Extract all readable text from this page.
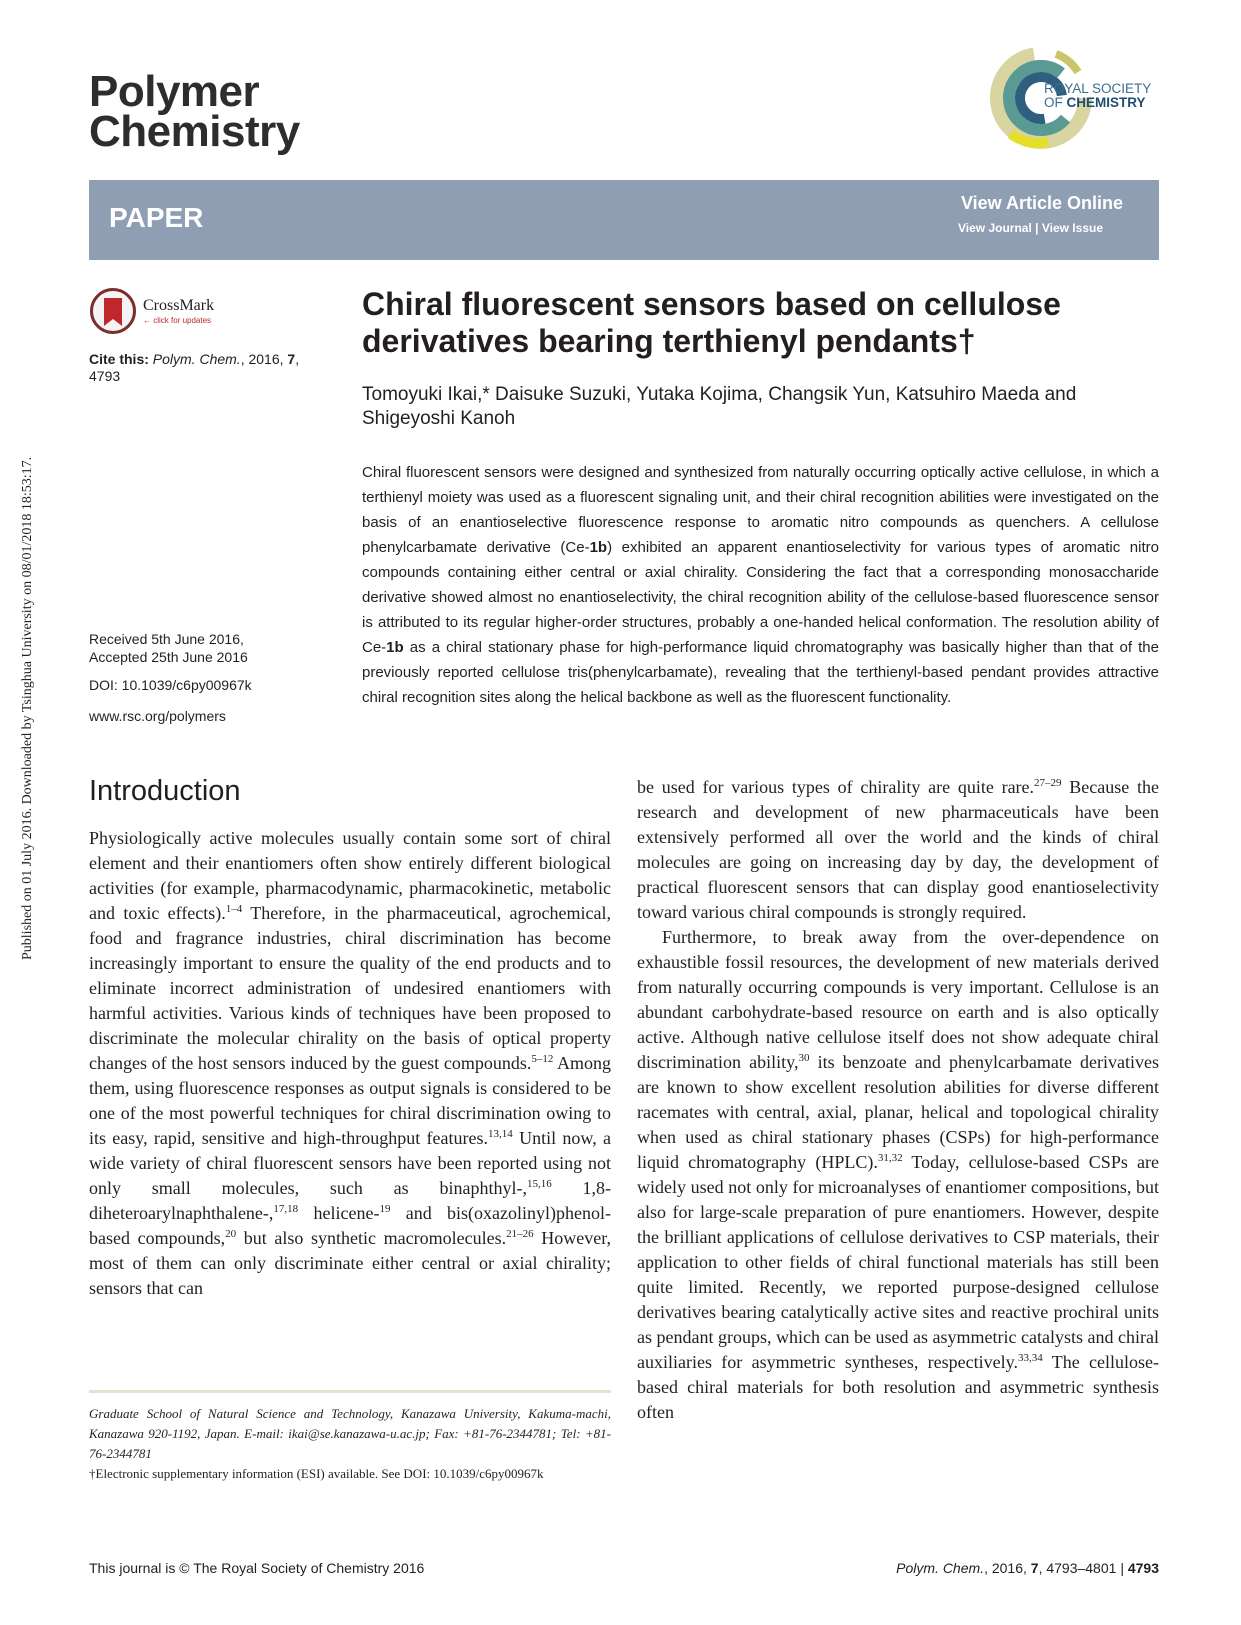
Published on 01 July 2016. Downloaded by Tsinghua University on 08/01/2018 18:53:17.
Polymer
Chemistry
ROYAL SOCIETY
OF CHEMISTRY
PAPER	View Article Online
View Journal | View Issue
CrossMark
← click for updates
Cite this: Polym. Chem., 2016, 7,
4793
Received 5th June 2016,
Accepted 25th June 2016
DOI: 10.1039/c6py00967k
www.rsc.org/polymers
Chiral fluorescent sensors based on cellulose derivatives bearing terthienyl pendants†
Tomoyuki Ikai,* Daisuke Suzuki, Yutaka Kojima, Changsik Yun, Katsuhiro Maeda and
Shigeyoshi Kanoh
Chiral fluorescent sensors were designed and synthesized from naturally occurring optically active cellulose, in which a terthienyl moiety was used as a fluorescent signaling unit, and their chiral recognition abilities were investigated on the basis of an enantioselective fluorescence response to aromatic nitro compounds as quenchers. A cellulose phenylcarbamate derivative (Ce-1b) exhibited an apparent enantioselectivity for various types of aromatic nitro compounds containing either central or axial chirality. Considering the fact that a corresponding monosaccharide derivative showed almost no enantioselectivity, the chiral recognition ability of the cellulose-based fluorescence sensor is attributed to its regular higher-order structures, probably a one-handed helical conformation. The resolution ability of Ce-1b as a chiral stationary phase for high-performance liquid chromatography was basically higher than that of the previously reported cellulose tris(phenylcarbamate), revealing that the terthienyl-based pendant provides attractive chiral recognition sites along the helical backbone as well as the fluorescent functionality.
Introduction

Physiologically active molecules usually contain some sort of chiral element and their enantiomers often show entirely different biological activities (for example, pharmacodynamic, pharmacokinetic, metabolic and toxic effects).$^{1-4}$ Therefore, in the pharmaceutical, agrochemical, food and fragrance industries, chiral discrimination has become increasingly important to ensure the quality of the end products and to eliminate incorrect administration of undesired enantiomers with harmful activities. Various kinds of techniques have been proposed to discriminate the molecular chirality on the basis of optical property changes of the host sensors induced by the guest compounds.$^{5-12}$ Among them, using fluorescence responses as output signals is considered to be one of the most powerful techniques for chiral discrimination owing to its easy, rapid, sensitive and high-throughput features.$^{13,14}$ Until now, a wide variety of chiral fluorescent sensors have been reported using not only small molecules, such as binaphthyl-,$^{15,16}$ 1,8-diheteroarylnaphthalene-,$^{17,18}$ helicene-$^{19}$ and bis(oxazolinyl)phenol-based compounds,$^{20}$ but also synthetic macromolecules.$^{21-26}$ However, most of them can only discriminate either central or axial chirality; sensors that can

Graduate School of Natural Science and Technology, Kanazawa University, Kakuma-machi, Kanazawa 920-1192, Japan. E-mail: ikai@se.kanazawa-u.ac.jp; Fax: +81-76-2344781; Tel: +81-76-2344781
†Electronic supplementary information (ESI) available. See DOI: 10.1039/c6py00967k

be used for various types of chirality are quite rare.$^{27-29}$ Because the research and development of new pharmaceuticals have been extensively performed all over the world and the kinds of chiral molecules are going on increasing day by day, the development of practical fluorescent sensors that can display good enantioselectivity toward various chiral compounds is strongly required.

Furthermore, to break away from the over-dependence on exhaustible fossil resources, the development of new materials derived from naturally occurring compounds is very important. Cellulose is an abundant carbohydrate-based resource on earth and is also optically active. Although native cellulose itself does not show adequate chiral discrimination ability,$^{30}$ its benzoate and phenylcarbamate derivatives are known to show excellent resolution abilities for diverse different racemates with central, axial, planar, helical and topological chirality when used as chiral stationary phases (CSPs) for high-performance liquid chromatography (HPLC).$^{31,32}$ Today, cellulose-based CSPs are widely used not only for microanalyses of enantiomer compositions, but also for large-scale preparation of pure enantiomers. However, despite the brilliant applications of cellulose derivatives to CSP materials, their application to other fields of chiral functional materials has still been quite limited. Recently, we reported purpose-designed cellulose derivatives bearing catalytically active sites and reactive prochiral units as pendant groups, which can be used as asymmetric catalysts and chiral auxiliaries for asymmetric syntheses, respectively.$^{33,34}$ The cellulose-based chiral materials for both resolution and asymmetric synthesis often

This journal is © The Royal Society of Chemistry 2016	Polym. Chem., 2016, 7, 4793–4801 | 4793
